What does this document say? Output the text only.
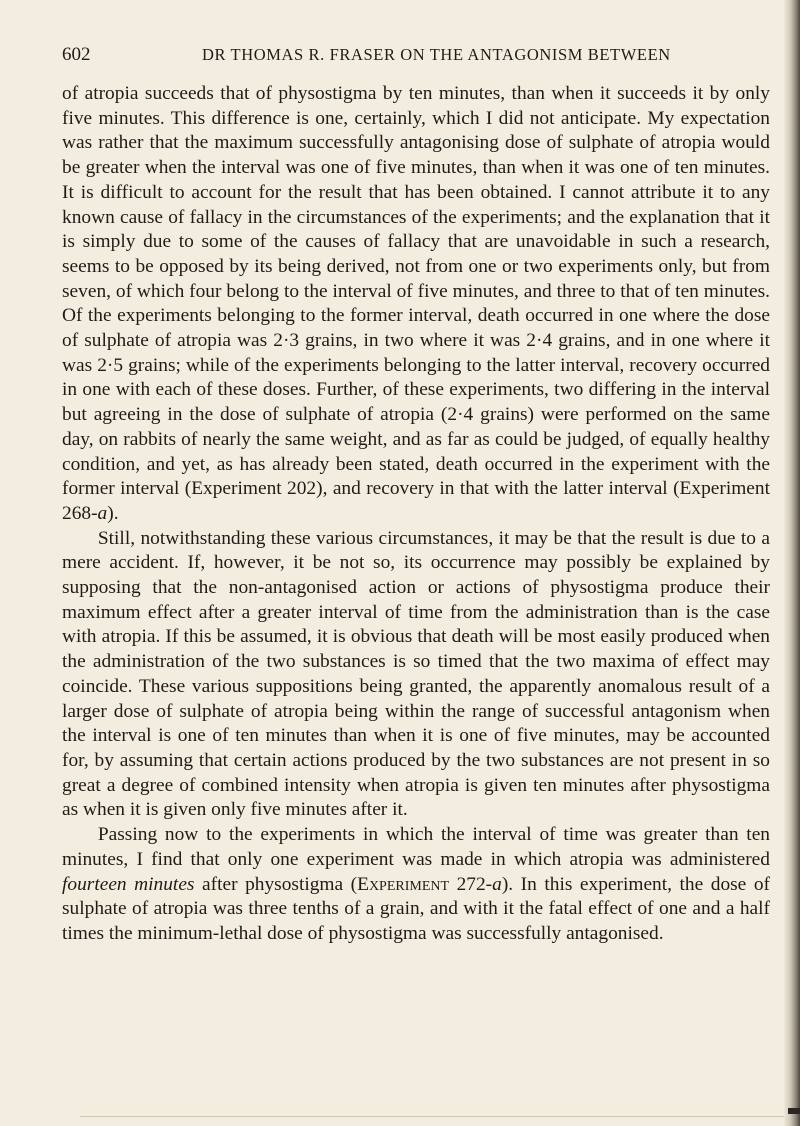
602	DR THOMAS R. FRASER ON THE ANTAGONISM BETWEEN

of atropia succeeds that of physostigma by ten minutes, than when it succeeds it by only five minutes. This difference is one, certainly, which I did not anticipate. My expectation was rather that the maximum successfully antagonising dose of sulphate of atropia would be greater when the interval was one of five minutes, than when it was one of ten minutes. It is difficult to account for the result that has been obtained. I cannot attribute it to any known cause of fallacy in the circumstances of the experiments; and the explanation that it is simply due to some of the causes of fallacy that are unavoidable in such a research, seems to be opposed by its being derived, not from one or two experiments only, but from seven, of which four belong to the interval of five minutes, and three to that of ten minutes. Of the experiments belonging to the former interval, death occurred in one where the dose of sulphate of atropia was 2·3 grains, in two where it was 2·4 grains, and in one where it was 2·5 grains; while of the experiments belonging to the latter interval, recovery occurred in one with each of these doses. Further, of these experiments, two differing in the interval but agreeing in the dose of sulphate of atropia (2·4 grains) were performed on the same day, on rabbits of nearly the same weight, and as far as could be judged, of equally healthy condition, and yet, as has already been stated, death occurred in the experiment with the former interval (Experiment 202), and recovery in that with the latter interval (Experiment 268-a).

Still, notwithstanding these various circumstances, it may be that the result is due to a mere accident. If, however, it be not so, its occurrence may possibly be explained by supposing that the non-antagonised action or actions of physostigma produce their maximum effect after a greater interval of time from the administration than is the case with atropia. If this be assumed, it is obvious that death will be most easily produced when the administration of the two substances is so timed that the two maxima of effect may coincide. These various suppositions being granted, the apparently anomalous result of a larger dose of sulphate of atropia being within the range of successful antagonism when the interval is one of ten minutes than when it is one of five minutes, may be accounted for, by assuming that certain actions produced by the two substances are not present in so great a degree of combined intensity when atropia is given ten minutes after physostigma as when it is given only five minutes after it.

Passing now to the experiments in which the interval of time was greater than ten minutes, I find that only one experiment was made in which atropia was administered fourteen minutes after physostigma (Experiment 272-a). In this experiment, the dose of sulphate of atropia was three tenths of a grain, and with it the fatal effect of one and a half times the minimum-lethal dose of physostigma was successfully antagonised.
